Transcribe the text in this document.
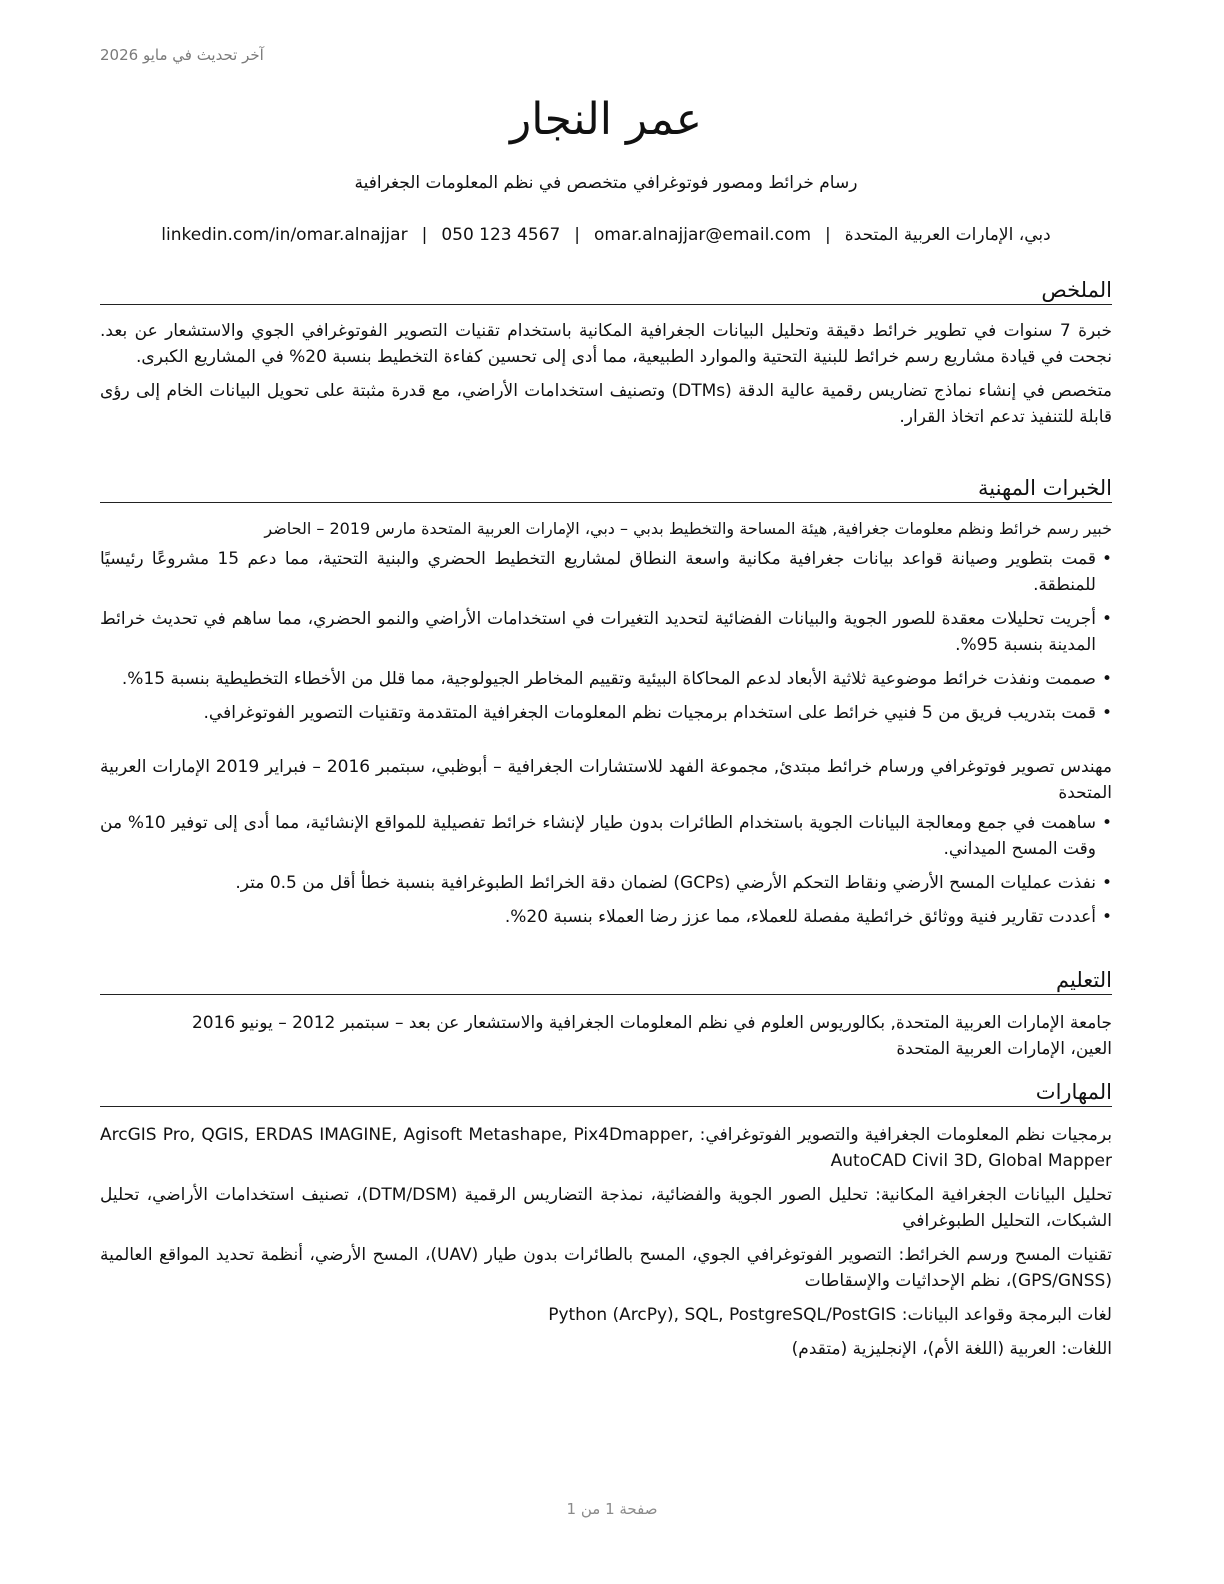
آخر تحديث في مايو 2026
عمر النجار
رسام خرائط ومصور فوتوغرافي متخصص في نظم المعلومات الجغرافية
دبي، الإمارات العربية المتحدة|omar.alnajjar@email.com|050 123 4567|linkedin.com/in/omar.alnajjar
الملخص

خبرة 7 سنوات في تطوير خرائط دقيقة وتحليل البيانات الجغرافية المكانية باستخدام تقنيات التصوير الفوتوغرافي الجوي والاستشعار عن بعد. نجحت في قيادة مشاريع رسم خرائط للبنية التحتية والموارد الطبيعية، مما أدى إلى تحسين كفاءة التخطيط بنسبة 20% في المشاريع الكبرى.

متخصص في إنشاء نماذج تضاريس رقمية عالية الدقة (DTMs) وتصنيف استخدامات الأراضي، مع قدرة مثبتة على تحويل البيانات الخام إلى رؤى قابلة للتنفيذ تدعم اتخاذ القرار.

الخبرات المهنية
خبير رسم خرائط ونظم معلومات جغرافية, هيئة المساحة والتخطيط بدبي – دبي، الإمارات العربية المتحدة مارس 2019 – الحاضر
• قمت بتطوير وصيانة قواعد بيانات جغرافية مكانية واسعة النطاق لمشاريع التخطيط الحضري والبنية التحتية، مما دعم 15 مشروعًا رئيسيًا للمنطقة.
• أجريت تحليلات معقدة للصور الجوية والبيانات الفضائية لتحديد التغيرات في استخدامات الأراضي والنمو الحضري، مما ساهم في تحديث خرائط المدينة بنسبة 95%.
• صممت ونفذت خرائط موضوعية ثلاثية الأبعاد لدعم المحاكاة البيئية وتقييم المخاطر الجيولوجية، مما قلل من الأخطاء التخطيطية بنسبة 15%.
• قمت بتدريب فريق من 5 فنيي خرائط على استخدام برمجيات نظم المعلومات الجغرافية المتقدمة وتقنيات التصوير الفوتوغرافي.
مهندس تصوير فوتوغرافي ورسام خرائط مبتدئ, مجموعة الفهد للاستشارات الجغرافية – أبوظبي، سبتمبر 2016 – فبراير 2019 الإمارات العربية المتحدة
• ساهمت في جمع ومعالجة البيانات الجوية باستخدام الطائرات بدون طيار لإنشاء خرائط تفصيلية للمواقع الإنشائية، مما أدى إلى توفير 10% من وقت المسح الميداني.
• نفذت عمليات المسح الأرضي ونقاط التحكم الأرضي (GCPs) لضمان دقة الخرائط الطبوغرافية بنسبة خطأ أقل من 0.5 متر.
• أعددت تقارير فنية ووثائق خرائطية مفصلة للعملاء، مما عزز رضا العملاء بنسبة 20%.
التعليم
جامعة الإمارات العربية المتحدة, بكالوريوس العلوم في نظم المعلومات الجغرافية والاستشعار عن بعد – سبتمبر 2012 – يونيو 2016
العين، الإمارات العربية المتحدة
المهارات
برمجيات نظم المعلومات الجغرافية والتصوير الفوتوغرافي: ArcGIS Pro, QGIS, ERDAS IMAGINE, Agisoft Metashape, Pix4Dmapper, AutoCAD Civil 3D, Global Mapper
تحليل البيانات الجغرافية المكانية: تحليل الصور الجوية والفضائية، نمذجة التضاريس الرقمية (DTM/DSM)، تصنيف استخدامات الأراضي، تحليل الشبكات، التحليل الطبوغرافي
تقنيات المسح ورسم الخرائط: التصوير الفوتوغرافي الجوي، المسح بالطائرات بدون طيار (UAV)، المسح الأرضي، أنظمة تحديد المواقع العالمية (GPS/GNSS)، نظم الإحداثيات والإسقاطات
لغات البرمجة وقواعد البيانات: Python (ArcPy), SQL, PostgreSQL/PostGIS
اللغات: العربية (اللغة الأم)، الإنجليزية (متقدم)
صفحة 1 من 1
